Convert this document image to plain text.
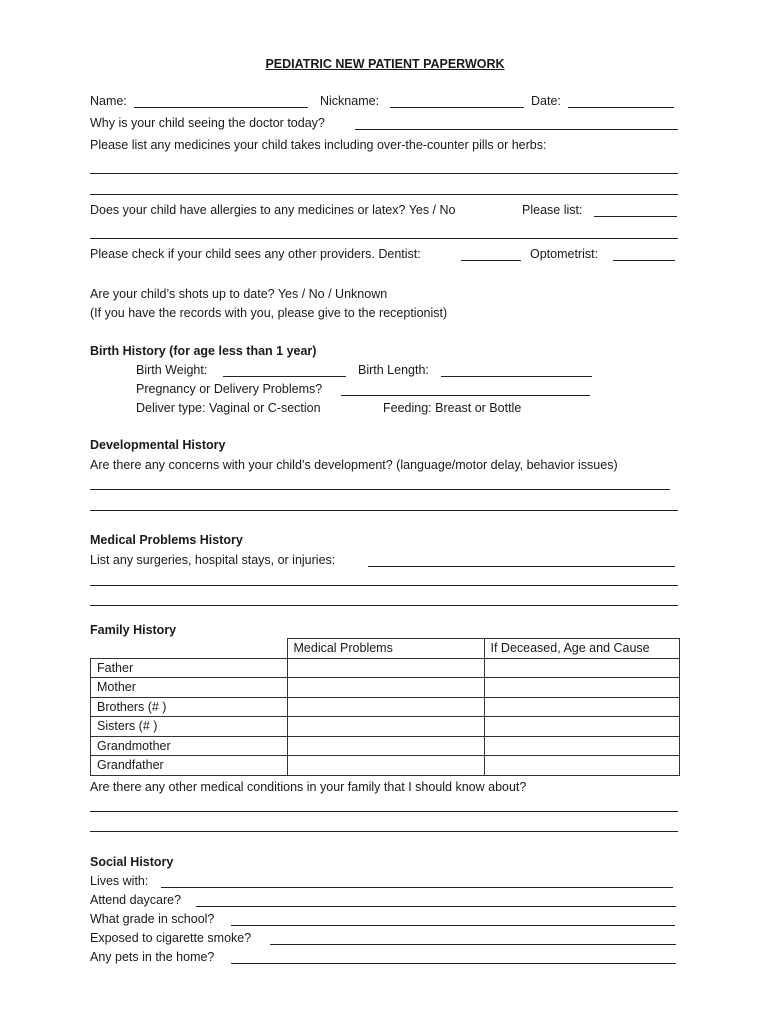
PEDIATRIC NEW PATIENT PAPERWORK
Name:	Nickname:	Date:
Why is your child seeing the doctor today?
Please list any medicines your child takes including over-the-counter pills or herbs:
Does your child have allergies to any medicines or latex? Yes / No	Please list:
Please check if your child sees any other providers. Dentist:	Optometrist:
Are your child’s shots up to date? Yes / No / Unknown
(If you have the records with you, please give to the receptionist)
Birth History (for age less than 1 year)
Birth Weight:	Birth Length:
Pregnancy or Delivery Problems?
Deliver type: Vaginal or C-section	Feeding: Breast or Bottle
Developmental History
Are there any concerns with your child’s development? (language/motor delay, behavior issues)
Medical Problems History
List any surgeries, hospital stays, or injuries:
Family History
	Medical Problems	If Deceased, Age and Cause
Father		
Mother		
Brothers (# )		
Sisters (# )		
Grandmother		
Grandfather		
Are there any other medical conditions in your family that I should know about?
Social History
Lives with:
Attend daycare?
What grade in school?
Exposed to cigarette smoke?
Any pets in the home?
